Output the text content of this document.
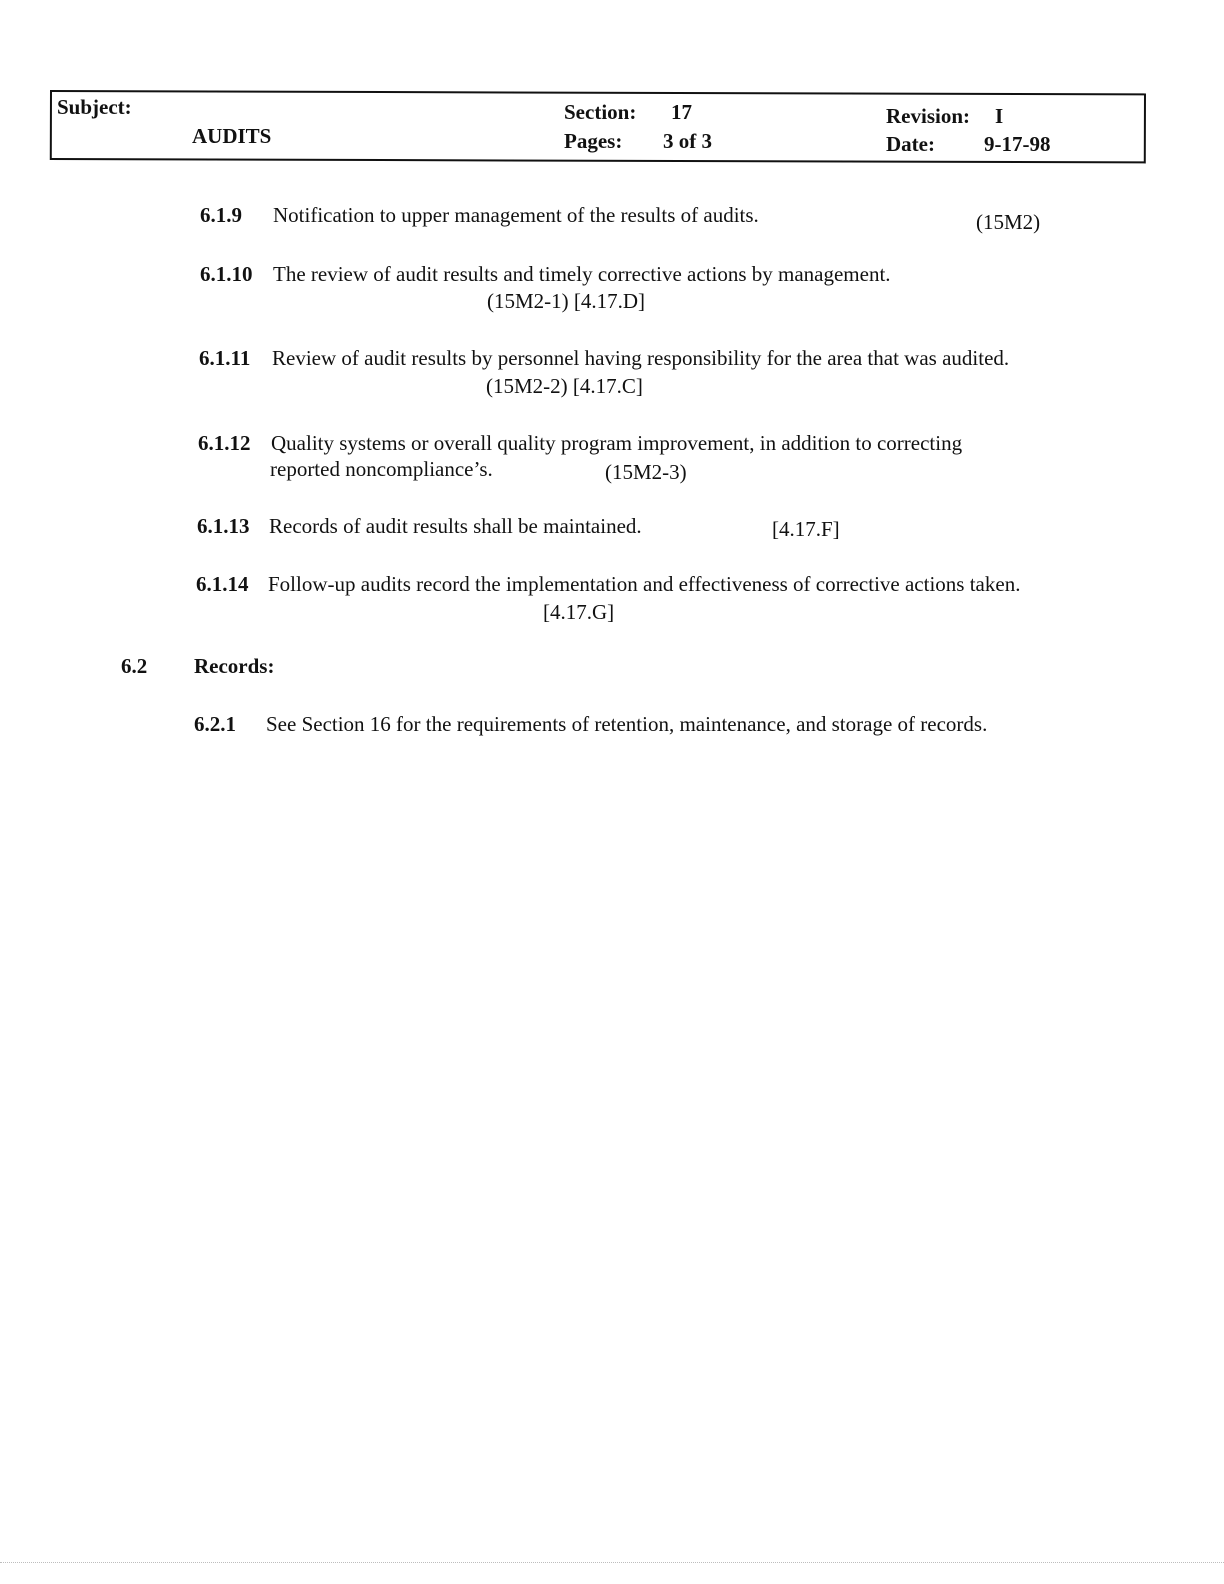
Subject:
AUDITS
Section: 17
Pages: 3 of 3
Revision: I
Date: 9-17-98
6.1.9 Notification to upper management of the results of audits.	(15M2)
6.1.10 The review of audit results and timely corrective actions by management.
(15M2-1) [4.17.D]
6.1.11 Review of audit results by personnel having responsibility for the area that was audited.
(15M2-2) [4.17.C]
6.1.12 Quality systems or overall quality program improvement, in addition to correcting
reported noncompliance’s.	(15M2-3)
6.1.13 Records of audit results shall be maintained.	[4.17.F]
6.1.14 Follow-up audits record the implementation and effectiveness of corrective actions taken.
[4.17.G]
6.2 Records:
6.2.1 See Section 16 for the requirements of retention, maintenance, and storage of records.
